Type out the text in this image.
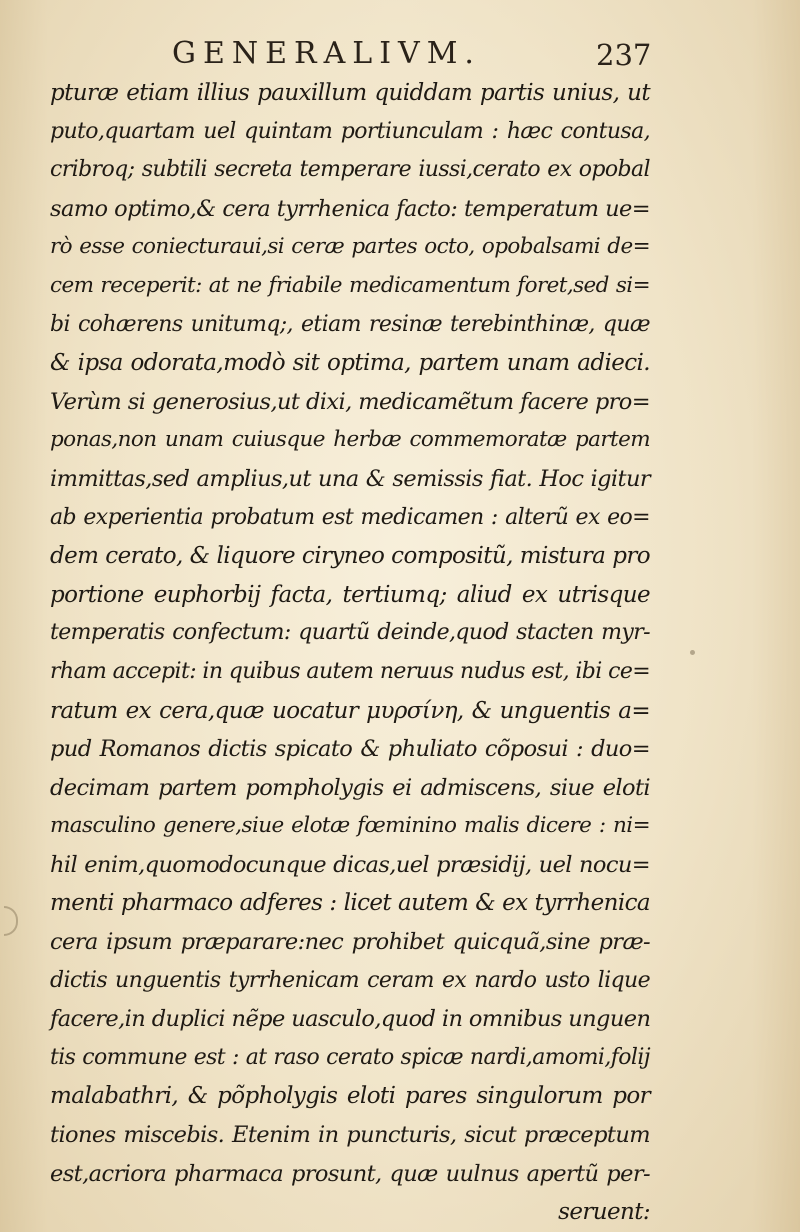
GENERALIVM.	237
pturæ etiam illius pauxillum quiddam partis unius, ut
puto,quartam uel quintam portiunculam : hæc contusa,
cribroq; subtili secreta temperare iussi,cerato ex opobal
samo optimo,& cera tyrrhenica facto: temperatum ue=
rò esse coniecturaui,si ceræ partes octo, opobalsami de=
cem receperit: at ne friabile medicamentum foret,sed si=
bi cohærens unitumq;, etiam resinæ terebinthinæ, quæ
& ipsa odorata,modò sit optima, partem unam adieci.
Verùm si generosius,ut dixi, medicamẽtum facere pro=
ponas,non unam cuiusque herbæ commemoratæ partem
immittas,sed amplius,ut una & semissis fiat. Hoc igitur
ab experientia probatum est medicamen : alterũ ex eo=
dem cerato, & liquore ciryneo compositũ, mistura pro
portione euphorbij facta, tertiumq; aliud ex utrisque
temperatis confectum: quartũ deinde,quod stacten myr-
rham accepit: in quibus autem neruus nudus est, ibi ce=
ratum ex cera,quæ uocatur μυρσίνη, & unguentis a=
pud Romanos dictis spicato & phuliato cõposui : duo=
decimam partem pompholygis ei admiscens, siue eloti
masculino genere,siue elotæ fœminino malis dicere : ni=
hil enim,quomodocunque dicas,uel præsidij, uel nocu=
menti pharmaco adferes : licet autem & ex tyrrhenica
cera ipsum præparare:nec prohibet quicquã,sine præ-
dictis unguentis tyrrhenicam ceram ex nardo usto lique
facere,in duplici nẽpe uasculo,quod in omnibus unguen
tis commune est : at raso cerato spicæ nardi,amomi,folij
malabathri, & põpholygis eloti pares singulorum por
tiones miscebis. Etenim in puncturis, sicut præceptum
est,acriora pharmaca prosunt, quæ uulnus apertũ per-
seruent:
